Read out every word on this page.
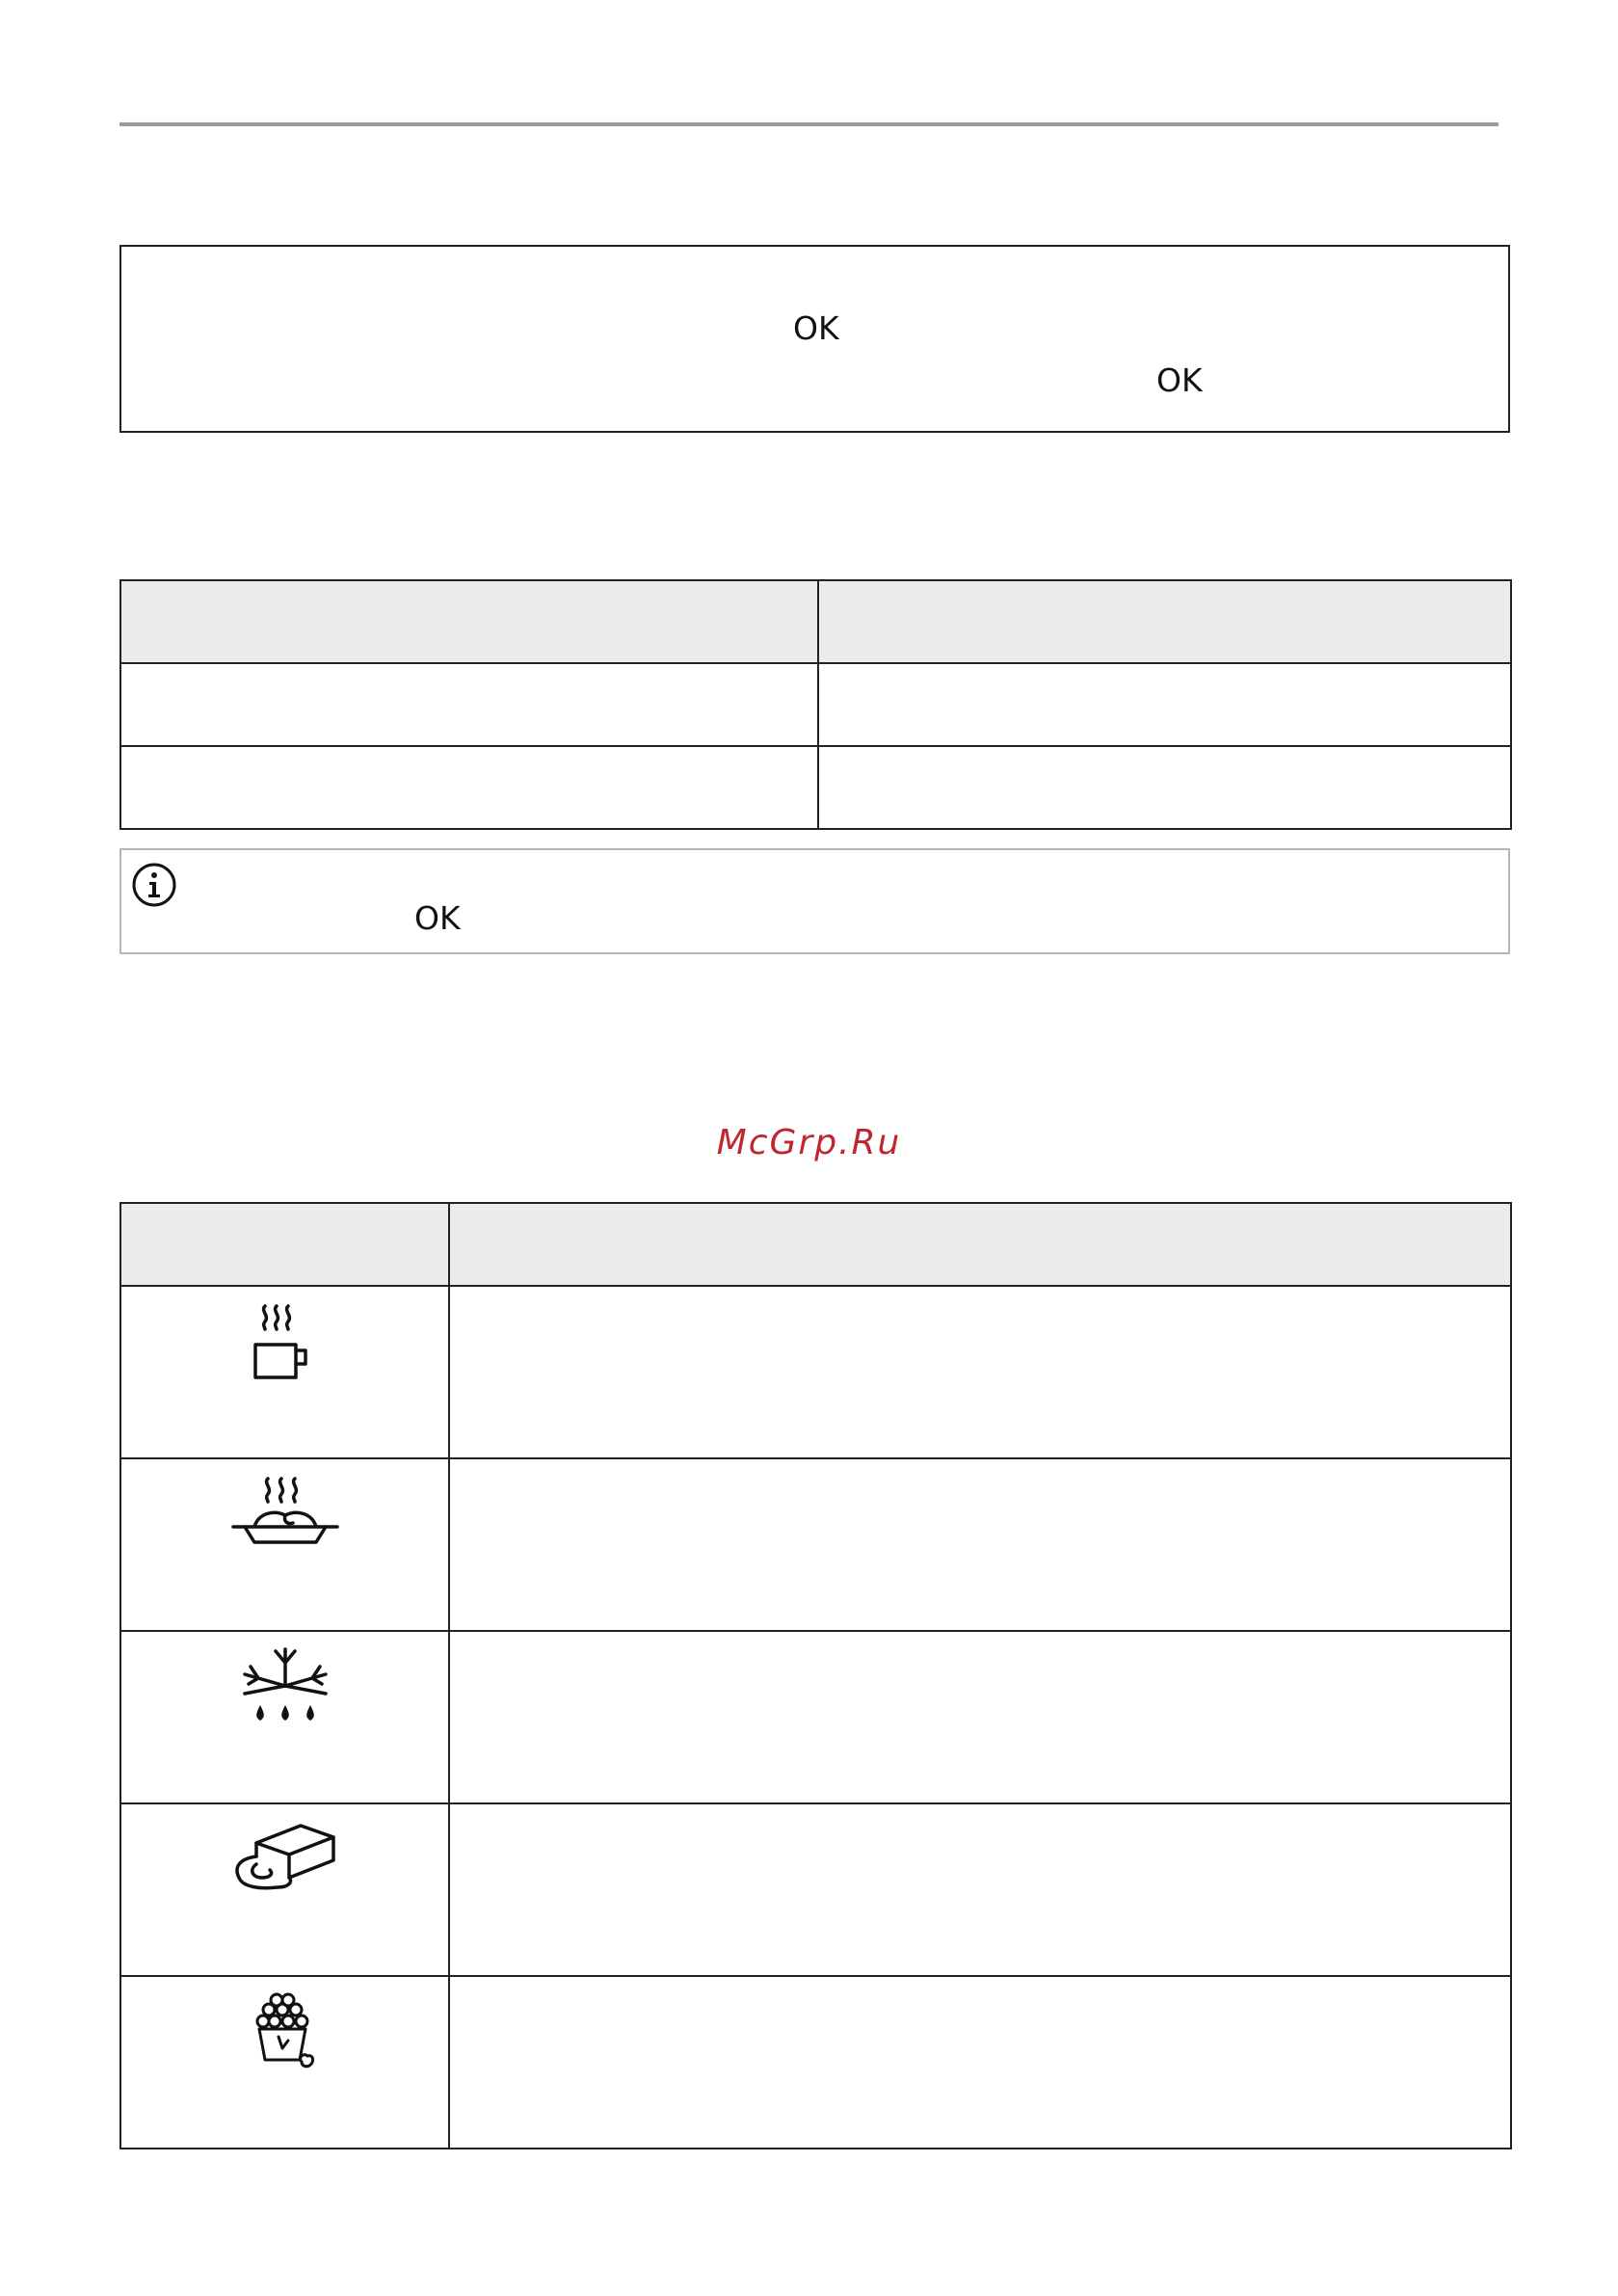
OK
OK

OK
McGrp.Ru
